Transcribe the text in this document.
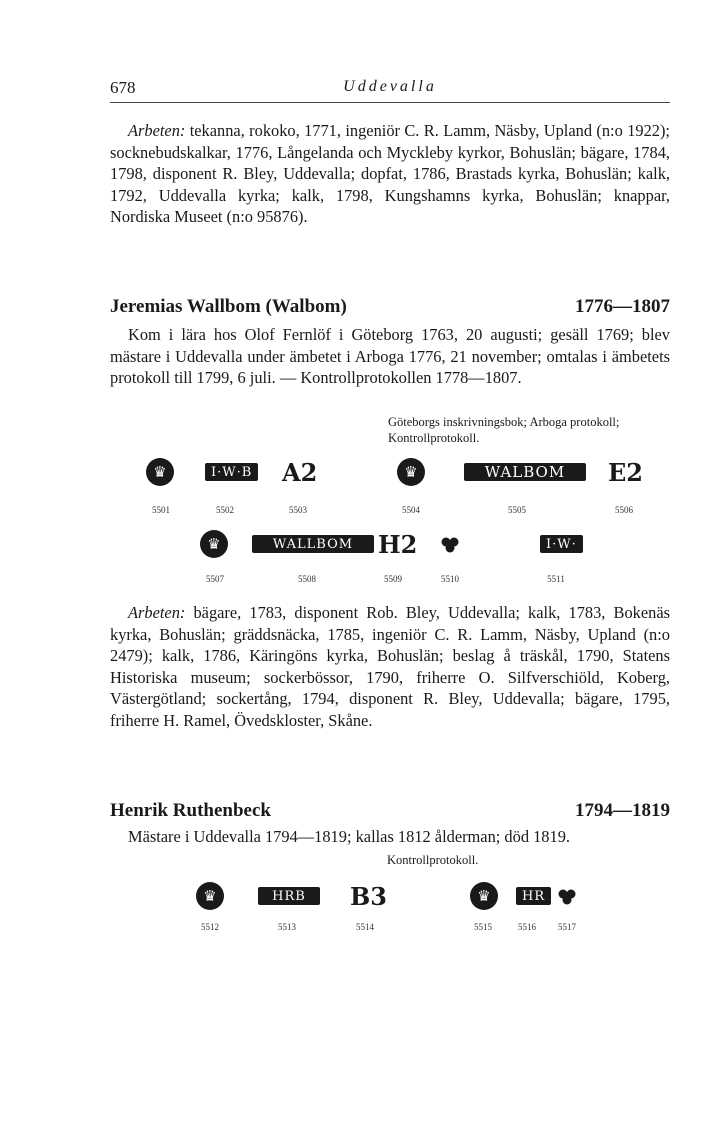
678	Uddevalla

Arbeten: tekanna, rokoko, 1771, ingeniör C. R. Lamm, Näsby, Upland (n:o 1922); socknebudskalkar, 1776, Långelanda och Myckleby kyrkor, Bohuslän; bägare, 1784, 1798, disponent R. Bley, Uddevalla; dopfat, 1786, Brastads kyrka, Bohuslän; kalk, 1792, Uddevalla kyrka; kalk, 1798, Kungshamns kyrka, Bohuslän; knappar, Nordiska Museet (n:o 95876).

Jeremias Wallbom (Walbom)	1776—1807

Kom i lära hos Olof Fernlöf i Göteborg 1763, 20 augusti; gesäll 1769; blev mästare i Uddevalla under ämbetet i Arboga 1776, 21 november; omtalas i ämbetets protokoll till 1799, 6 juli. — Kontrollprotokollen 1778—1807.

Göteborgs inskrivningsbok; Arboga protokoll; Kontrollprotokoll.

♛	I·W·B A2	♛	WALBOM	E2
5501	5502	5503	5504	5505	5506
♛	WALLBOM	H2	I·W·
5507	5508	5509	5510	5511

Arbeten: bägare, 1783, disponent Rob. Bley, Uddevalla; kalk, 1783, Bokenäs kyrka, Bohuslän; gräddsnäcka, 1785, ingeniör C. R. Lamm, Näsby, Upland (n:o 2479); kalk, 1786, Käringöns kyrka, Bohuslän; beslag å träskål, 1790, Statens Historiska museum; sockerbössor, 1790, friherre O. Silfverschiöld, Koberg, Västergötland; sockertång, 1794, disponent R. Bley, Uddevalla; bägare, 1795, friherre H. Ramel, Övedskloster, Skåne.

Henrik Ruthenbeck	1794—1819

Mästare i Uddevalla 1794—1819; kallas 1812 ålderman; död 1819.

Kontrollprotokoll.

♛	HRB	B3	♛	HR
5512	5513	5514	5515	5516	5517
